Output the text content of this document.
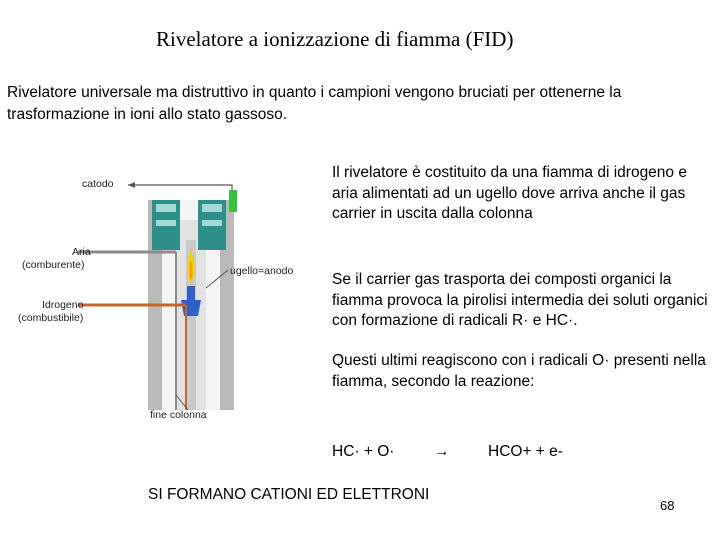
Rivelatore a ionizzazione di fiamma (FID)
Rivelatore universale ma distruttivo in quanto i campioni vengono bruciati per ottenerne la trasformazione in ioni allo stato gassoso.
catodo
Aria
(comburente)	ugello=anodo
Idrogeno
(combustibile)
fine colonna
Il rivelatore è costituito da una fiamma di idrogeno e aria alimentati ad un ugello dove arriva anche il gas carrier in uscita dalla colonna
Se il carrier gas trasporta dei composti organici la fiamma provoca la pirolisi intermedia dei soluti organici con formazione di radicali R· e HC·.
Questi ultimi reagiscono con i radicali O· presenti nella fiamma, secondo la reazione:
HC· + O·	→ HCO+ + e-
SI FORMANO CATIONI ED ELETTRONI
68
